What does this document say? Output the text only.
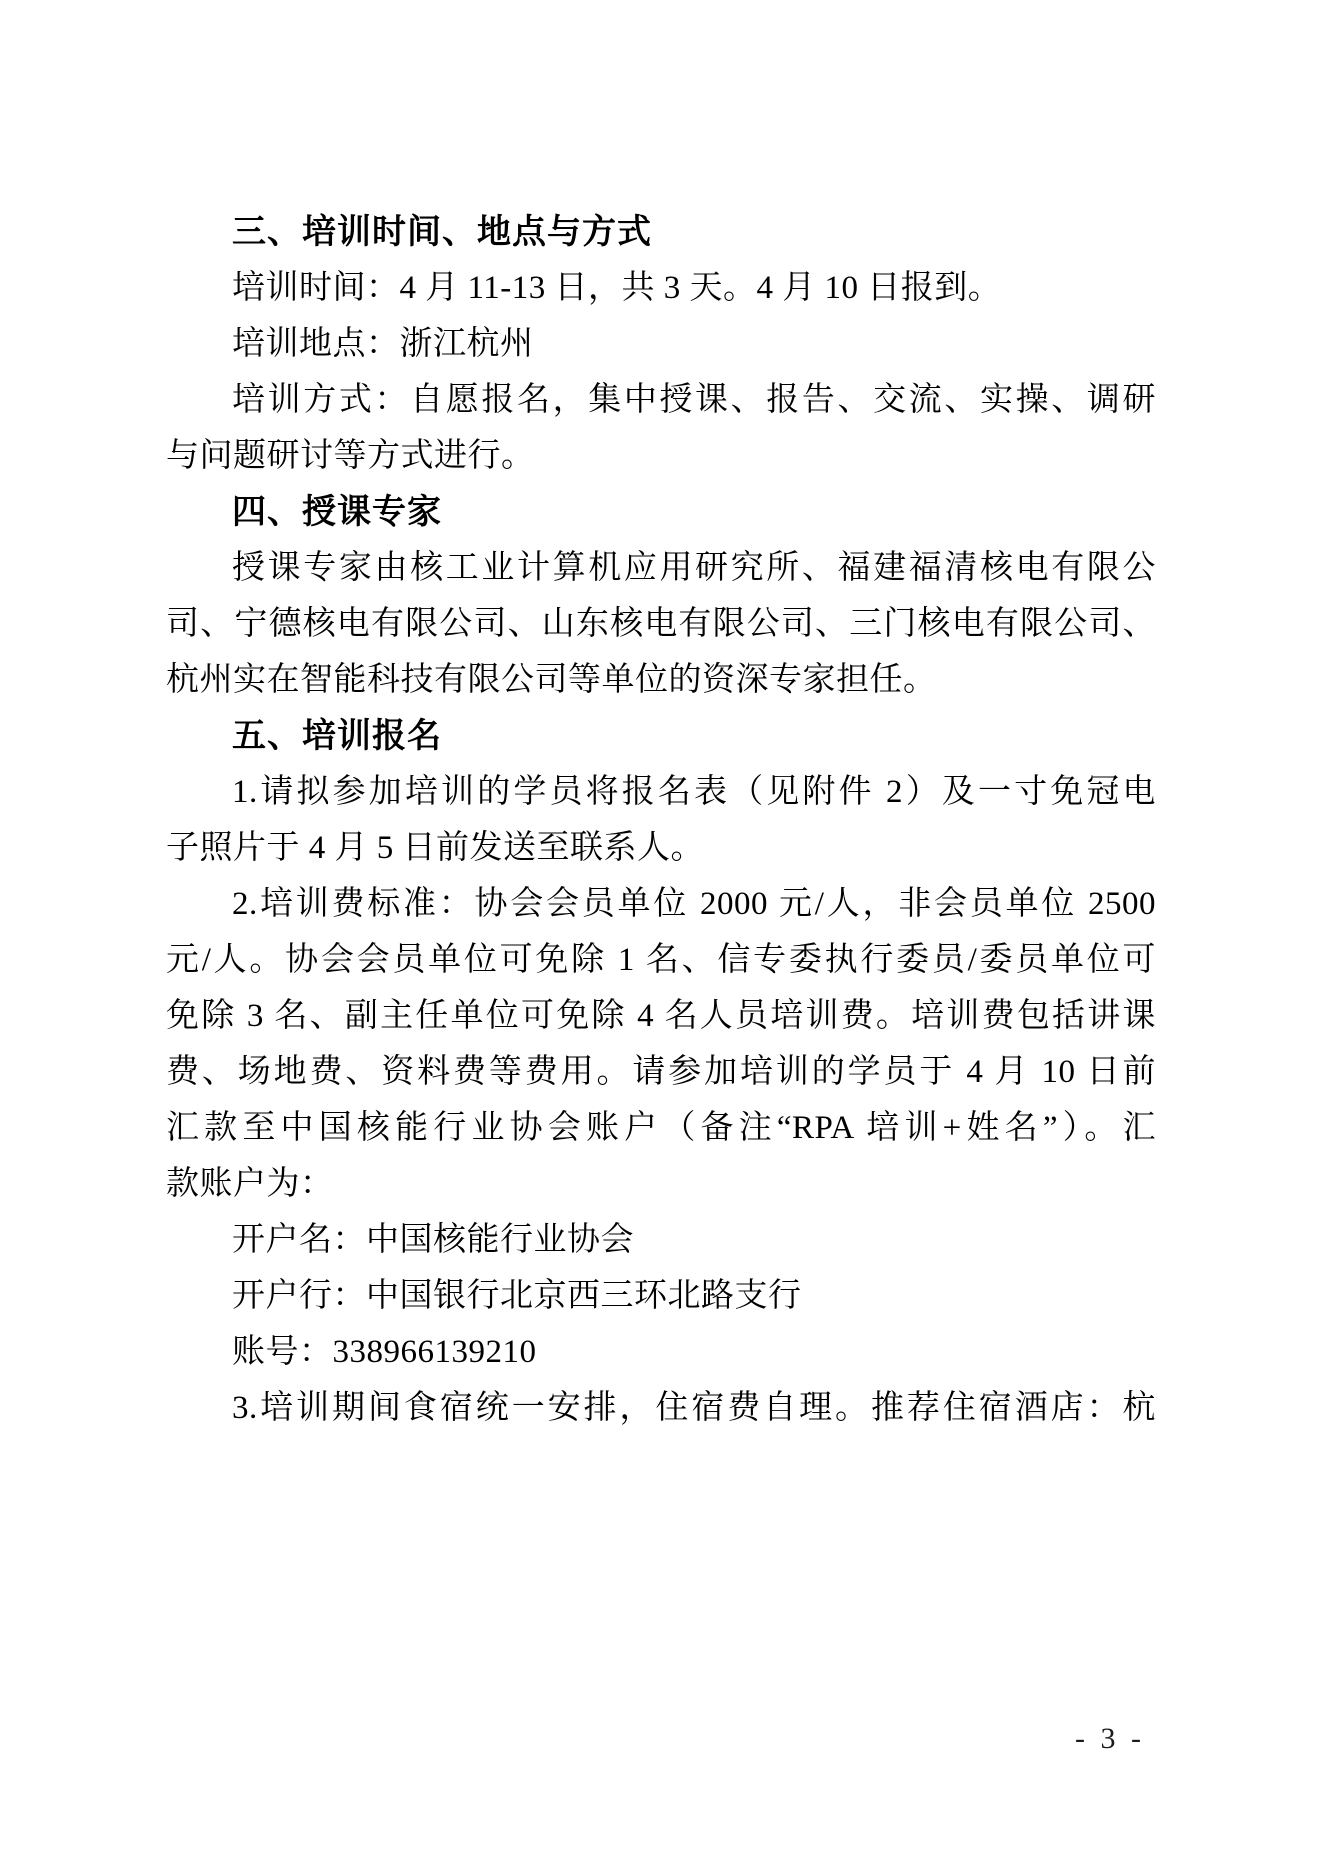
三、培训时间、地点与方式
培训时间：4 月 11-13 日，共 3 天。4 月 10 日报到。
培训地点：浙江杭州
培训方式：自愿报名，集中授课、报告、交流、实操、调研
与问题研讨等方式进行。
四、授课专家
授课专家由核工业计算机应用研究所、福建福清核电有限公
司、宁德核电有限公司、山东核电有限公司、三门核电有限公司、
杭州实在智能科技有限公司等单位的资深专家担任。
五、培训报名
1.请拟参加培训的学员将报名表（见附件 2）及一寸免冠电
子照片于 4 月 5 日前发送至联系人。
2.培训费标准：协会会员单位 2000 元/人，非会员单位 2500
元/人。协会会员单位可免除 1 名、信专委执行委员/委员单位可
免除 3 名、副主任单位可免除 4 名人员培训费。培训费包括讲课
费、场地费、资料费等费用。请参加培训的学员于 4 月 10 日前
汇款至中国核能行业协会账户（备注“RPA 培训+姓名”）。汇
款账户为：
开户名：中国核能行业协会
开户行：中国银行北京西三环北路支行
账号：338966139210
3.培训期间食宿统一安排，住宿费自理。推荐住宿酒店：杭
- 3 -
